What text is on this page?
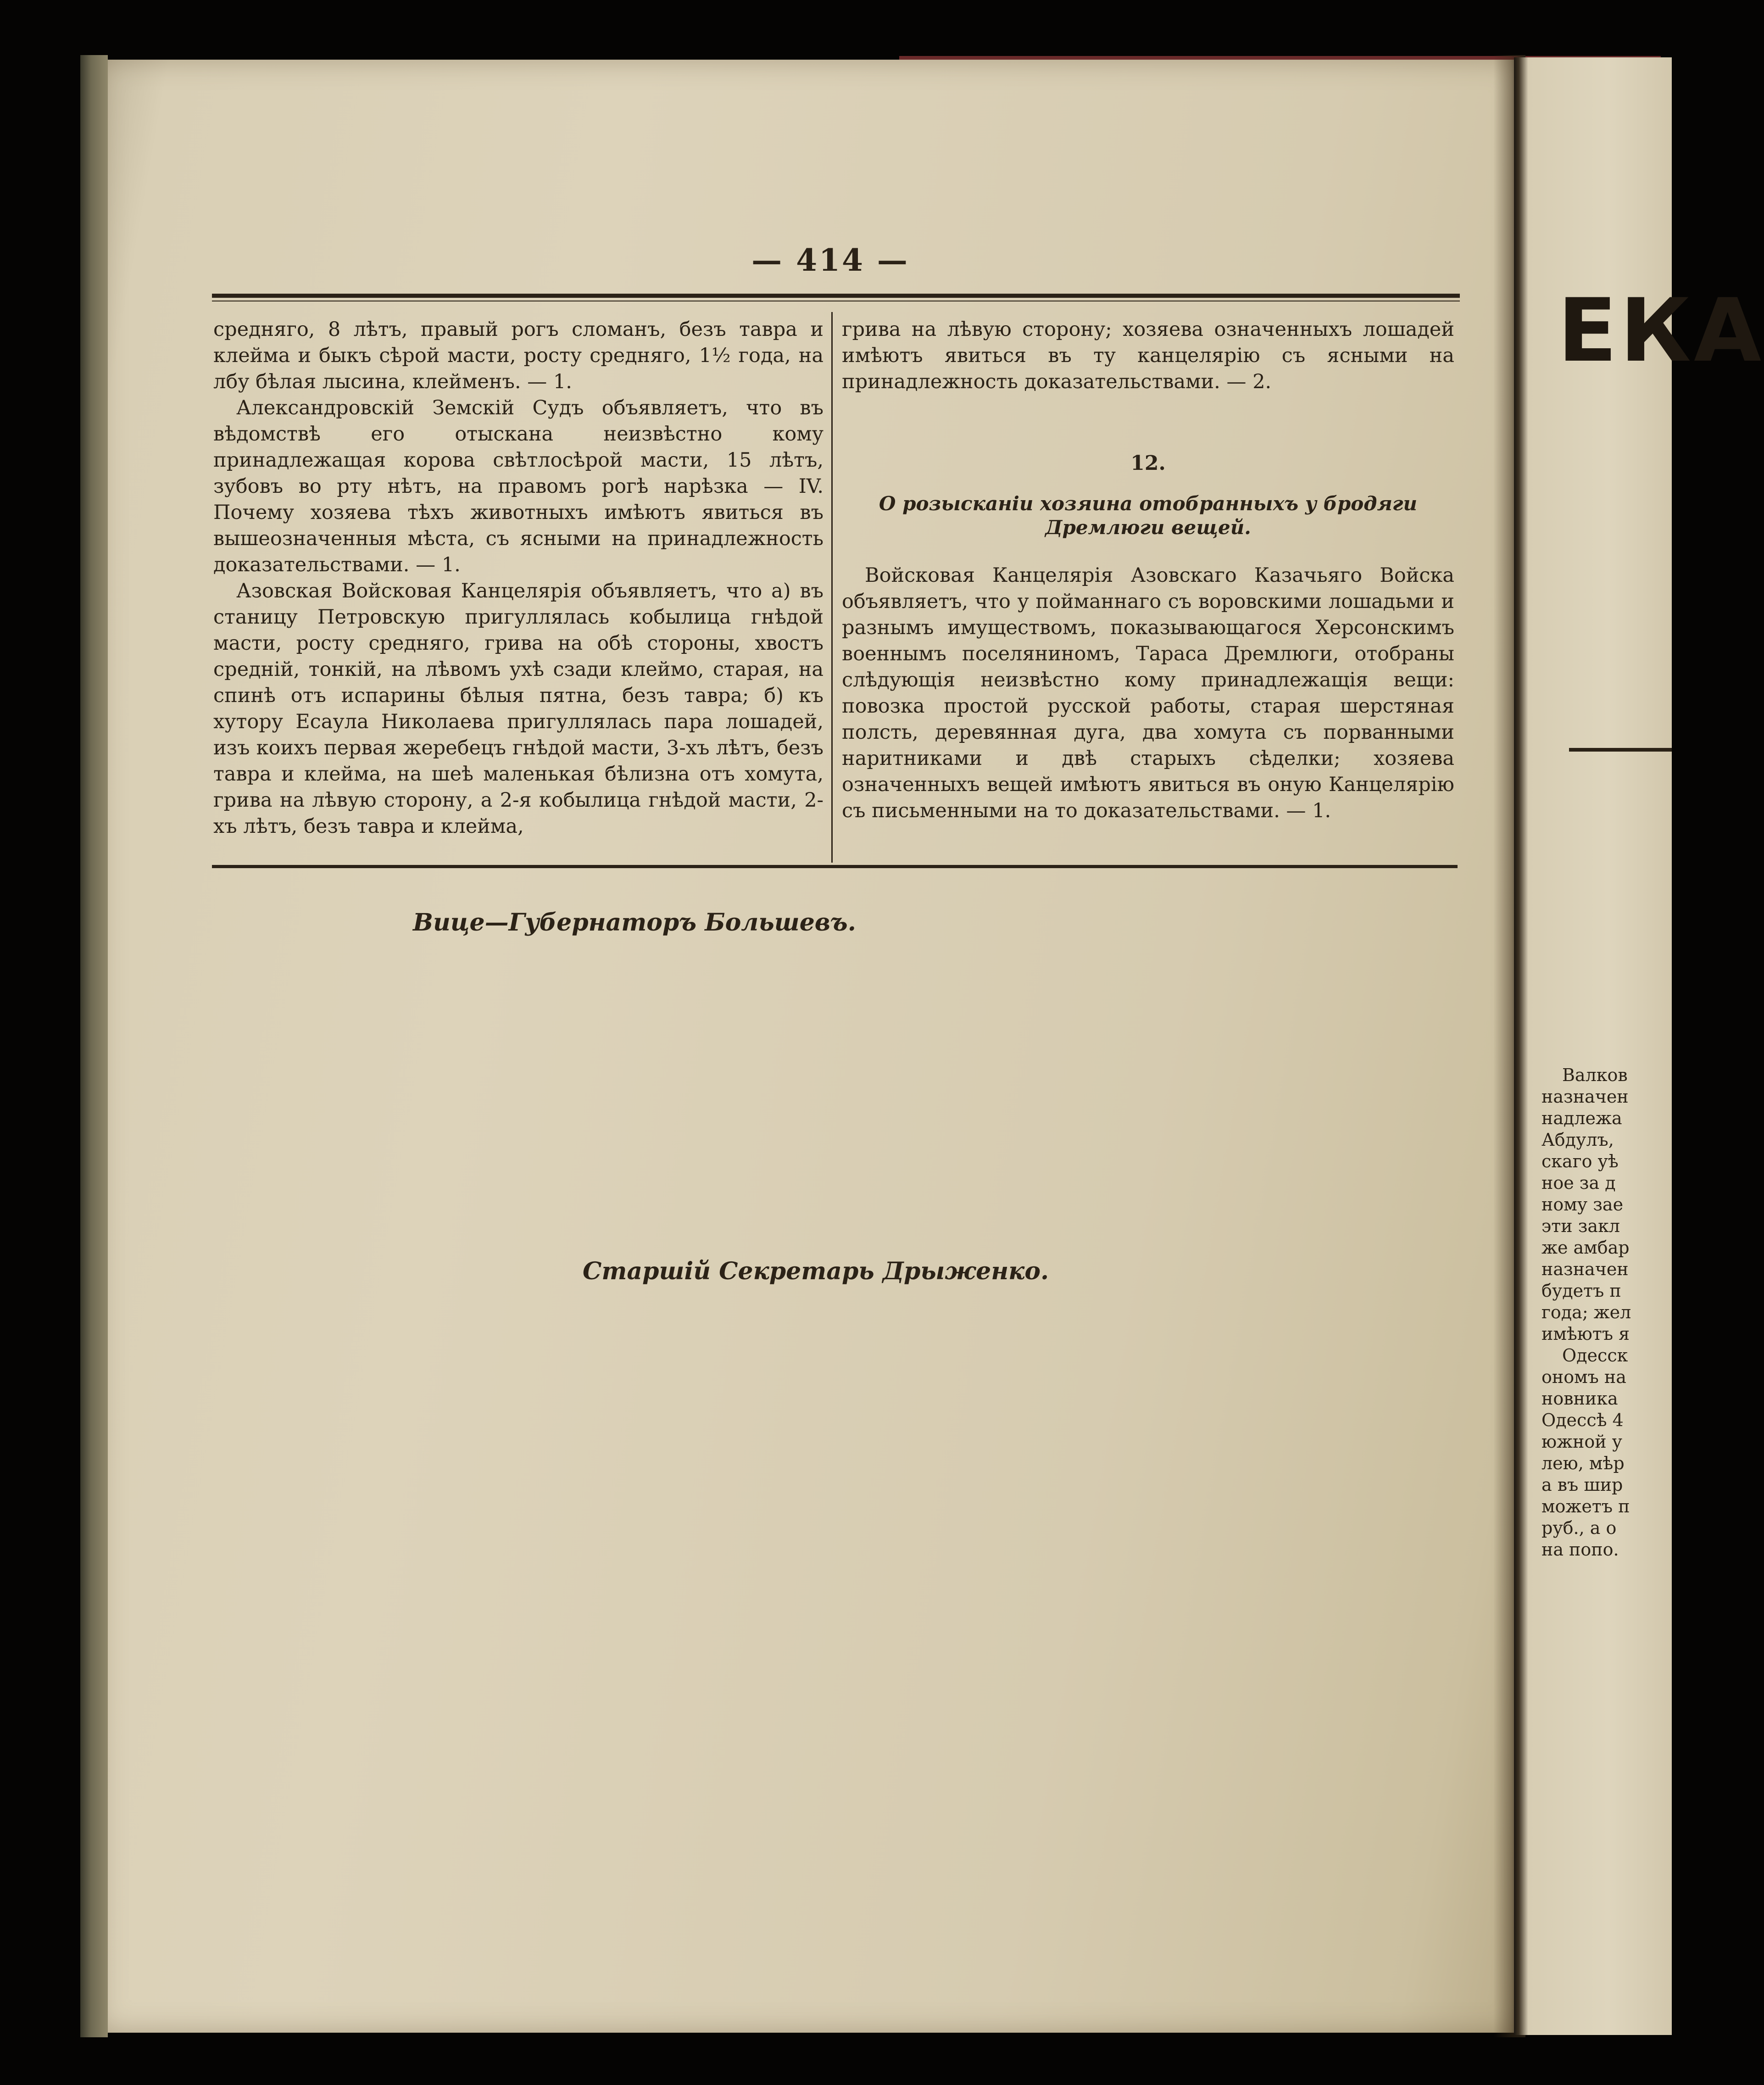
— 414 —

средняго, 8 лѣтъ, правый рогъ сломанъ, безъ тавра и клейма и быкъ сѣрой масти, росту средняго, 1½ года, на лбу бѣлая лысина, клейменъ. — 1.

Александровскій Земскій Судъ объявляетъ, что въ вѣдомствѣ его отыскана неизвѣстно кому принадлежащая корова свѣтлосѣрой масти, 15 лѣтъ, зубовъ во рту нѣтъ, на правомъ рогѣ нарѣзка — IV. Почему хозяева тѣхъ животныхъ имѣютъ явиться въ вышеозначенныя мѣста, съ ясными на принадлежность доказательствами. — 1.

Азовская Войсковая Канцелярія объявляетъ, что а) въ станицу Петровскую пригуллялась кобылица гнѣдой масти, росту средняго, грива на обѣ стороны, хвостъ средній, тонкій, на лѣвомъ ухѣ сзади клеймо, старая, на спинѣ отъ испарины бѣлыя пятна, безъ тавра; б) къ хутору Есаула Николаева пригуллялась пара лошадей, изъ коихъ первая жеребецъ гнѣдой масти, 3-хъ лѣтъ, безъ тавра и клейма, на шеѣ маленькая бѣлизна отъ хомута, грива на лѣвую сторону, а 2-я кобылица гнѣдой масти, 2-хъ лѣтъ, безъ тавра и клейма,

грива на лѣвую сторону; хозяева означенныхъ лошадей имѣютъ явиться въ ту канцелярію съ ясными на принадлежность доказательствами. — 2.

12.

О розысканіи хозяина отобранныхъ у бродяги Дремлюги вещей.

Войсковая Канцелярія Азовскаго Казачьяго Войска объявляетъ, что у пойманнаго съ воровскими лошадьми и разнымъ имуществомъ, показывающагося Херсонскимъ военнымъ поселяниномъ, Тараса Дремлюги, отобраны слѣдующія неизвѣстно кому принадлежащія вещи: повозка простой русской работы, старая шерстяная полсть, деревянная дуга, два хомута съ порванными наритниками и двѣ старыхъ сѣделки; хозяева означенныхъ вещей имѣютъ явиться въ оную Канцелярію съ письменными на то доказательствами. — 1.

Вице—Губернаторъ Большевъ.
Старшій Секретарь Дрыженко.
ЕКА

Валков

назначен

надлежа

Абдулъ,

скаго уѣ

ное за д

ному зае

эти закл

же амбар

назначен

будетъ п

года; жел

имѣютъ я

Одесск

ономъ на

новника

Одессѣ 4

южной у

лею, мѣр

а въ шир

можетъ п

руб., а о

на попо.
